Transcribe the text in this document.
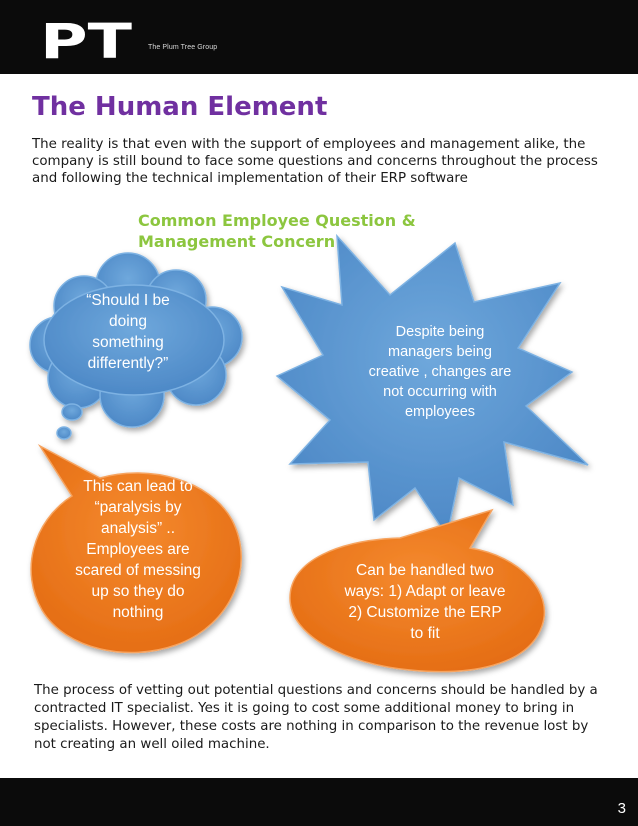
PT The Plum Tree Group
The Human Element

The reality is that even with the support of employees and management alike, the company is still bound to face some questions and concerns throughout the process and following the technical implementation of their ERP software

Common Employee Question &
Management Concern
“Should I be
doing
something
differently?”
Despite being
managers being
creative , changes are
not occurring with
employees
This can lead to
“paralysis by
analysis” ..
Employees are
scared of messing
up so they do
nothing
Can be handled two
ways: 1) Adapt or leave
2) Customize the ERP
to fit

The process of vetting out potential questions and concerns should be handled by a contracted IT specialist. Yes it is going to cost some additional money to bring in specialists. However, these costs are nothing in comparison to the revenue lost by not creating an well oiled machine.

3
